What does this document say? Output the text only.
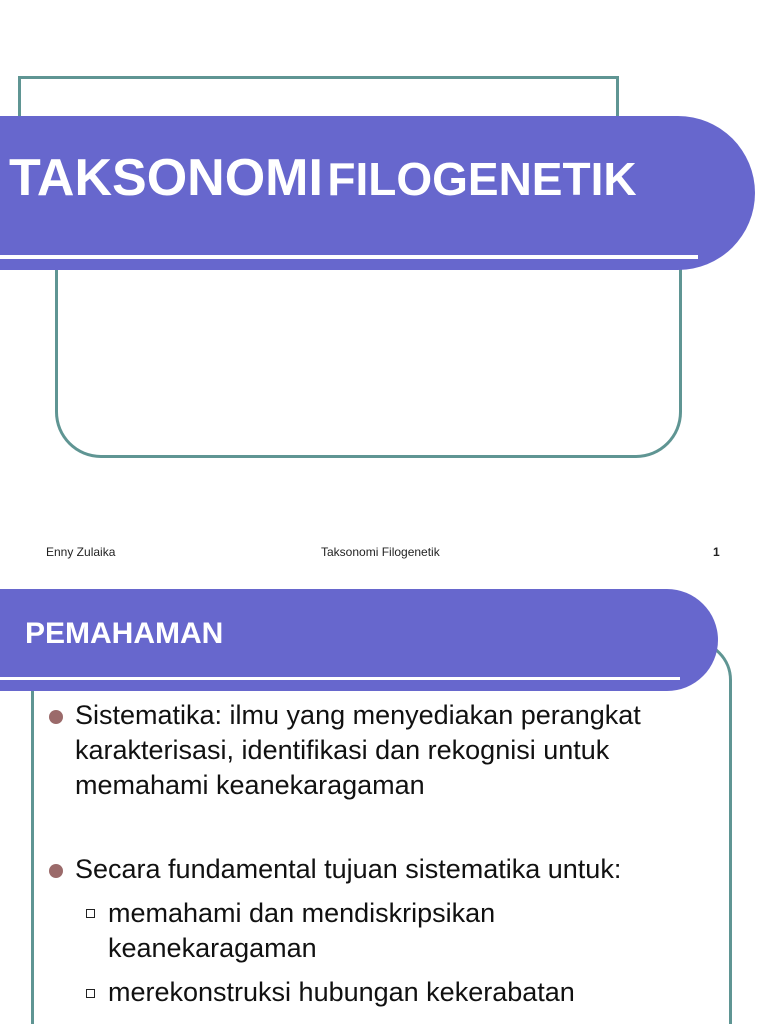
TAKSONOMI FILOGENETIK
Enny Zulaika	Taksonomi Filogenetik	1
PEMAHAMAN
Sistematika: ilmu yang menyediakan perangkat
karakterisasi, identifikasi dan rekognisi untuk
memahami keanekaragaman
Secara fundamental tujuan sistematika untuk:
memahami dan mendiskripsikan
keanekaragaman
merekonstruksi hubungan kekerabatan
